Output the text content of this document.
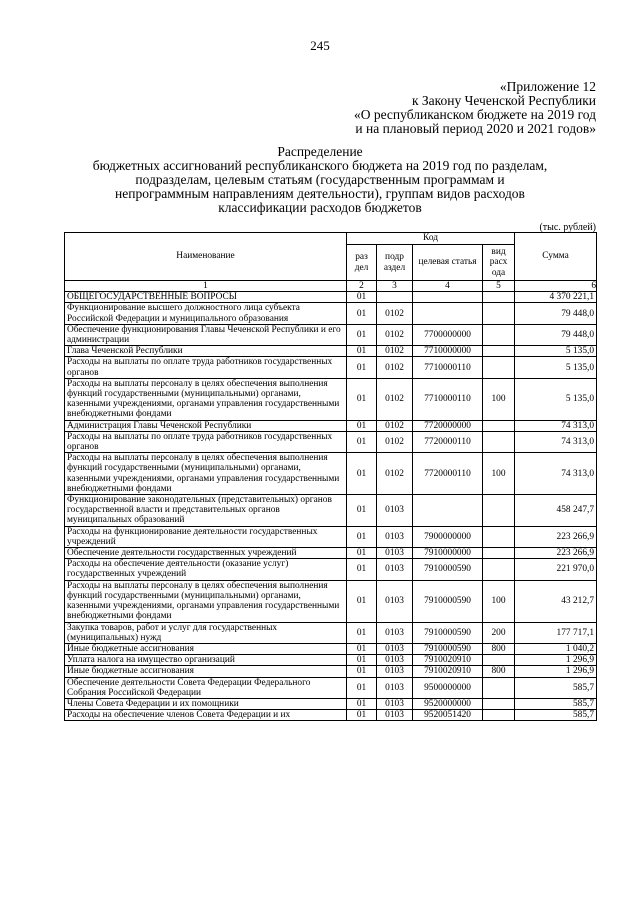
245
«Приложение 12
к Закону Чеченской Республики
«О республиканском бюджете на 2019 год
и на плановый период 2020 и 2021 годов»
Распределение
бюджетных ассигнований республиканского бюджета на 2019 год по разделам, подразделам, целевым статьям (государственным программам и непрограммным направлениям деятельности), группам видов расходов классификации расходов бюджетов
(тыс. рублей)
Наименование	Код				Сумма
	раз дел	подр аздел	целевая статья	вид расх ода	
1	2	3	4	5	6
ОБЩЕГОСУДАРСТВЕННЫЕ ВОПРОСЫ	01				4 370 221,1
Функционирование высшего должностного лица субъекта Российской Федерации и муниципального образования	01	0102			79 448,0
Обеспечение функционирования Главы Чеченской Республики и его администрации	01	0102	7700000000		79 448,0
Глава Чеченской Республики	01	0102	7710000000		5 135,0
Расходы на выплаты по оплате труда работников государственных органов	01	0102	7710000110		5 135,0
Расходы на выплаты персоналу в целях обеспечения выполнения функций государственными (муниципальными) органами, казенными учреждениями, органами управления государственными внебюджетными фондами	01	0102	7710000110	100	5 135,0
Администрация Главы Чеченской Республики	01	0102	7720000000		74 313,0
Расходы на выплаты по оплате труда работников государственных органов	01	0102	7720000110		74 313,0
Расходы на выплаты персоналу в целях обеспечения выполнения функций государственными (муниципальными) органами, казенными учреждениями, органами управления государственными внебюджетными фондами	01	0102	7720000110	100	74 313,0
Функционирование законодательных (представительных) органов государственной власти и представительных органов муниципальных образований	01	0103			458 247,7
Расходы на функционирование деятельности государственных учреждений	01	0103	7900000000		223 266,9
Обеспечение деятельности государственных учреждений	01	0103	7910000000		223 266,9
Расходы на обеспечение деятельности (оказание услуг) государственных учреждений	01	0103	7910000590		221 970,0
Расходы на выплаты персоналу в целях обеспечения выполнения функций государственными (муниципальными) органами, казенными учреждениями, органами управления государственными внебюджетными фондами	01	0103	7910000590	100	43 212,7
Закупка товаров, работ и услуг для государственных (муниципальных) нужд	01	0103	7910000590	200	177 717,1
Иные бюджетные ассигнования	01	0103	7910000590	800	1 040,2
Уплата налога на имущество организаций	01	0103	7910020910		1 296,9
Иные бюджетные ассигнования	01	0103	7910020910	800	1 296,9
Обеспечение деятельности Совета Федерации Федерального Собрания Российской Федерации	01	0103	9500000000		585,7
Члены Совета Федерации и их помощники	01	0103	9520000000		585,7
Расходы на обеспечение членов Совета Федерации и их	01	0103	9520051420		585,7
